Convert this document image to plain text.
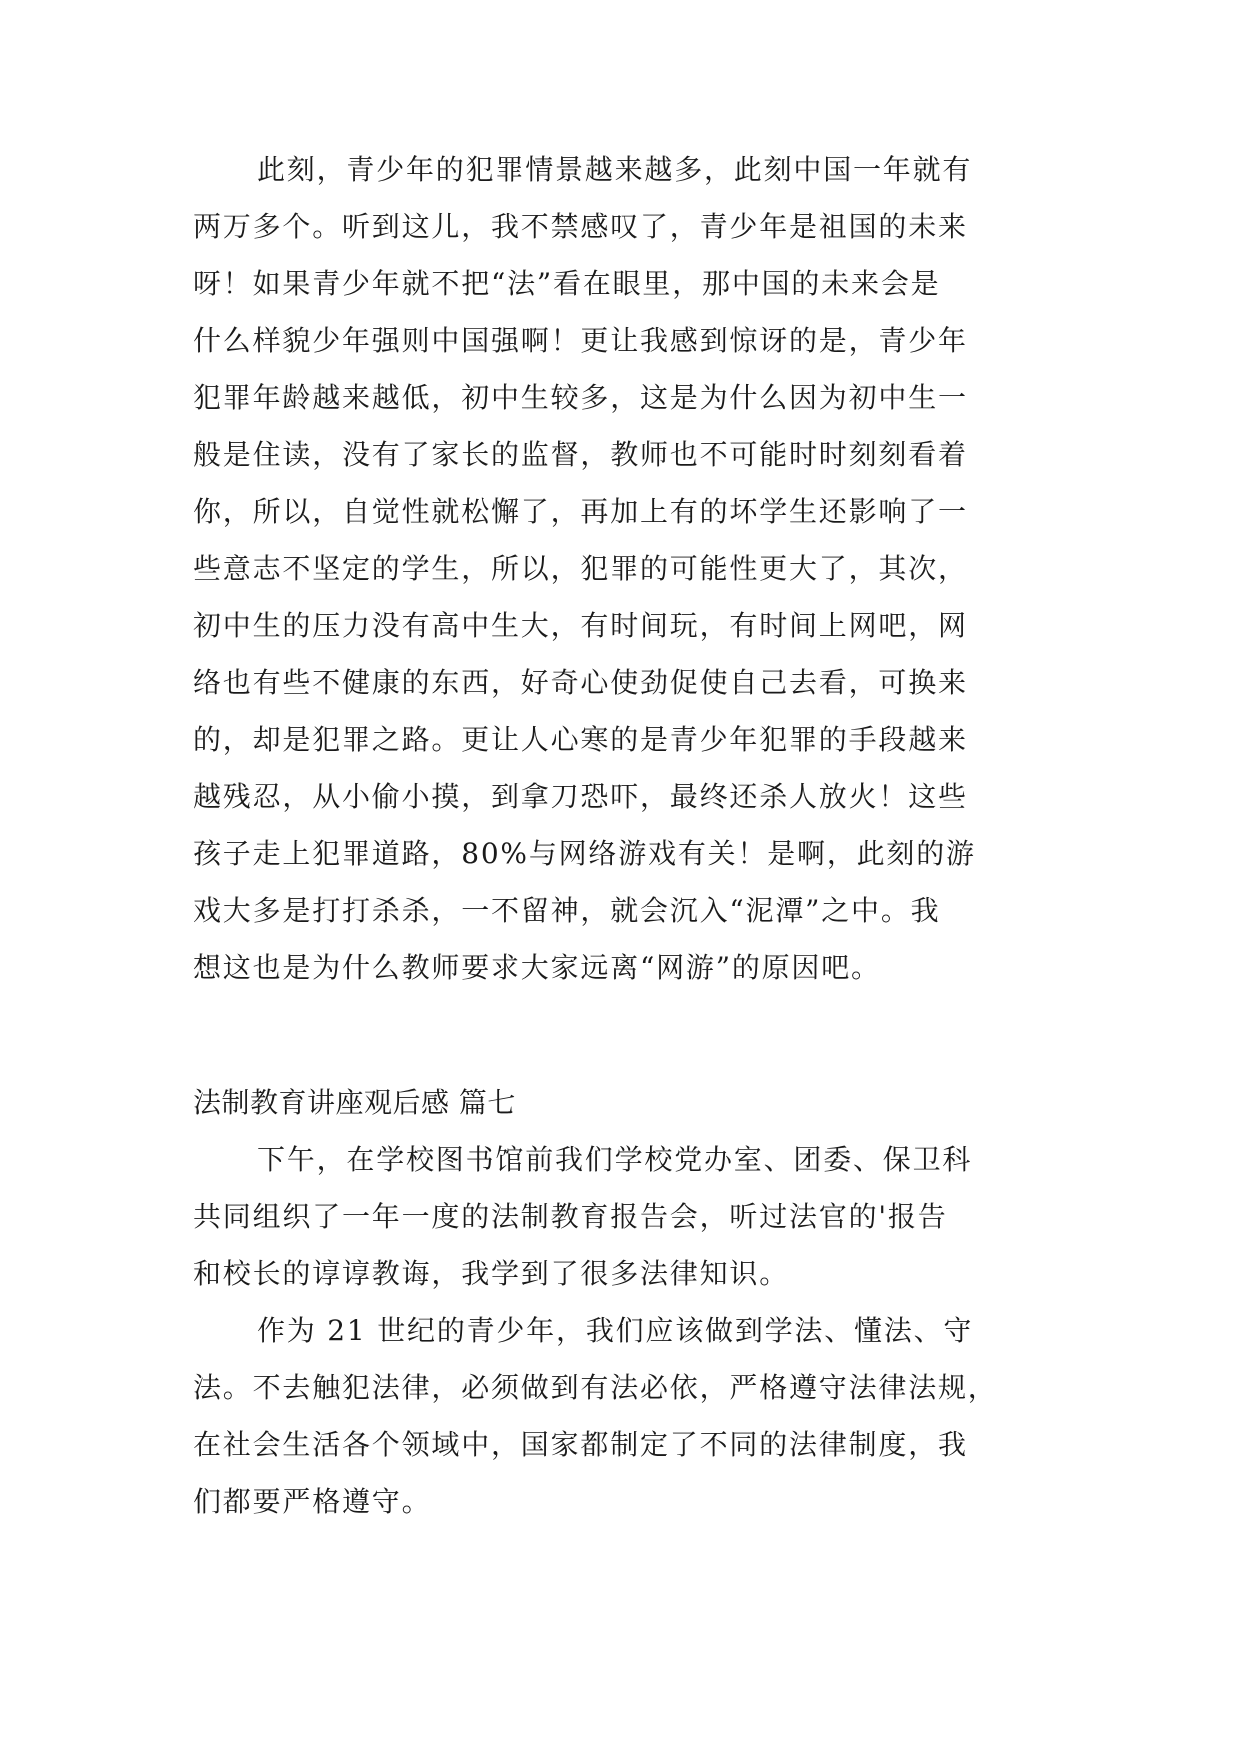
此刻，青少年的犯罪情景越来越多，此刻中国一年就有

两万多个。听到这儿，我不禁感叹了，青少年是祖国的未来

呀！如果青少年就不把“法”看在眼里，那中国的未来会是

什么样貌少年强则中国强啊！更让我感到惊讶的是，青少年

犯罪年龄越来越低，初中生较多，这是为什么因为初中生一

般是住读，没有了家长的监督，教师也不可能时时刻刻看着

你，所以，自觉性就松懈了，再加上有的坏学生还影响了一

些意志不坚定的学生，所以，犯罪的可能性更大了，其次，

初中生的压力没有高中生大，有时间玩，有时间上网吧，网

络也有些不健康的东西，好奇心使劲促使自己去看，可换来

的，却是犯罪之路。更让人心寒的是青少年犯罪的手段越来

越残忍，从小偷小摸，到拿刀恐吓，最终还杀人放火！这些

孩子走上犯罪道路，80%与网络游戏有关！是啊，此刻的游

戏大多是打打杀杀，一不留神，就会沉入“泥潭”之中。我

想这也是为什么教师要求大家远离“网游”的原因吧。

法制教育讲座观后感 篇七

下午，在学校图书馆前我们学校党办室、团委、保卫科

共同组织了一年一度的法制教育报告会，听过法官的'报告

和校长的谆谆教诲，我学到了很多法律知识。

作为 21 世纪的青少年，我们应该做到学法、懂法、守

法。不去触犯法律，必须做到有法必依，严格遵守法律法规，

在社会生活各个领域中，国家都制定了不同的法律制度，我

们都要严格遵守。
